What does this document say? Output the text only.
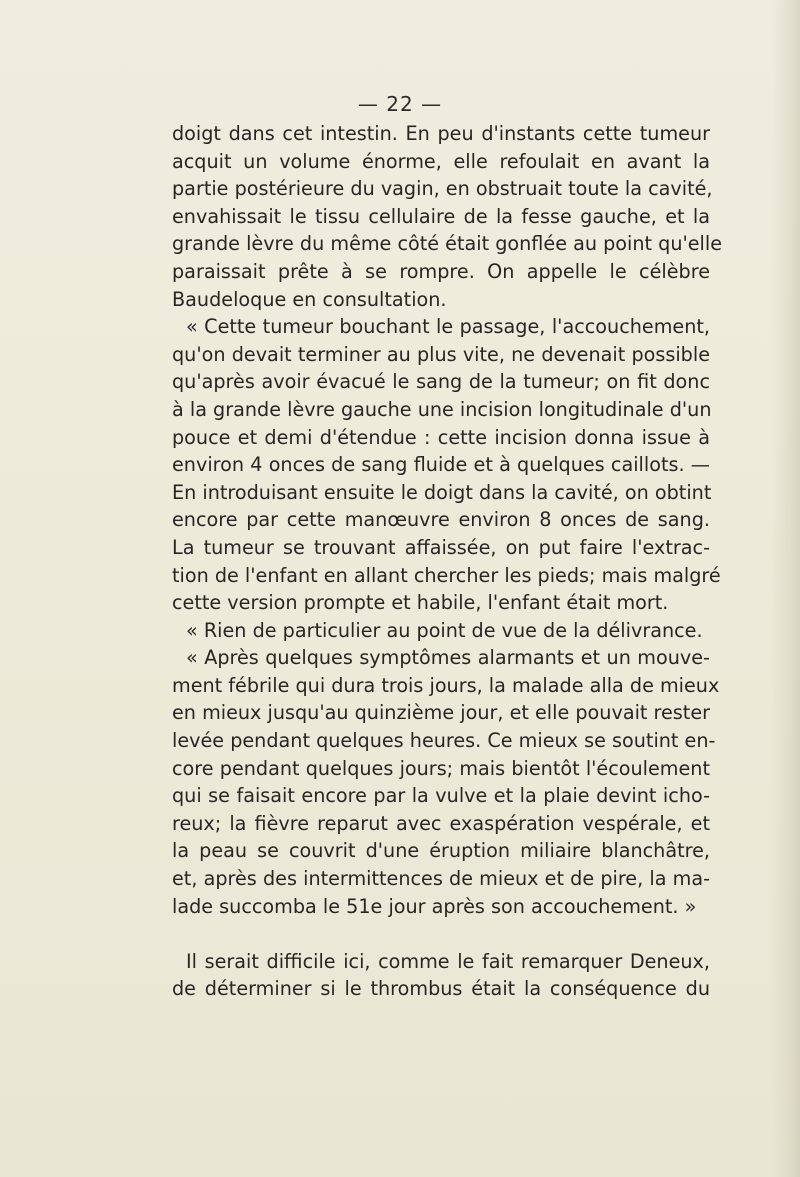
— 22 —
doigt dans cet intestin. En peu d'instants cette tumeur
acquit un volume énorme, elle refoulait en avant la
partie postérieure du vagin, en obstruait toute la cavité,
envahissait le tissu cellulaire de la fesse gauche, et la
grande lèvre du même côté était gonflée au point qu'elle
paraissait prête à se rompre. On appelle le célèbre
Baudeloque en consultation.
« Cette tumeur bouchant le passage, l'accouchement,
qu'on devait terminer au plus vite, ne devenait possible
qu'après avoir évacué le sang de la tumeur; on fit donc
à la grande lèvre gauche une incision longitudinale d'un
pouce et demi d'étendue : cette incision donna issue à
environ 4 onces de sang fluide et à quelques caillots. —
En introduisant ensuite le doigt dans la cavité, on obtint
encore par cette manœuvre environ 8 onces de sang.
La tumeur se trouvant affaissée, on put faire l'extrac-
tion de l'enfant en allant chercher les pieds; mais malgré
cette version prompte et habile, l'enfant était mort.
« Rien de particulier au point de vue de la délivrance.
« Après quelques symptômes alarmants et un mouve-
ment fébrile qui dura trois jours, la malade alla de mieux
en mieux jusqu'au quinzième jour, et elle pouvait rester
levée pendant quelques heures. Ce mieux se soutint en-
core pendant quelques jours; mais bientôt l'écoulement
qui se faisait encore par la vulve et la plaie devint icho-
reux; la fièvre reparut avec exaspération vespérale, et
la peau se couvrit d'une éruption miliaire blanchâtre,
et, après des intermittences de mieux et de pire, la ma-
lade succomba le 51e jour après son accouchement. »
Il serait difficile ici, comme le fait remarquer Deneux,
de déterminer si le thrombus était la conséquence du
